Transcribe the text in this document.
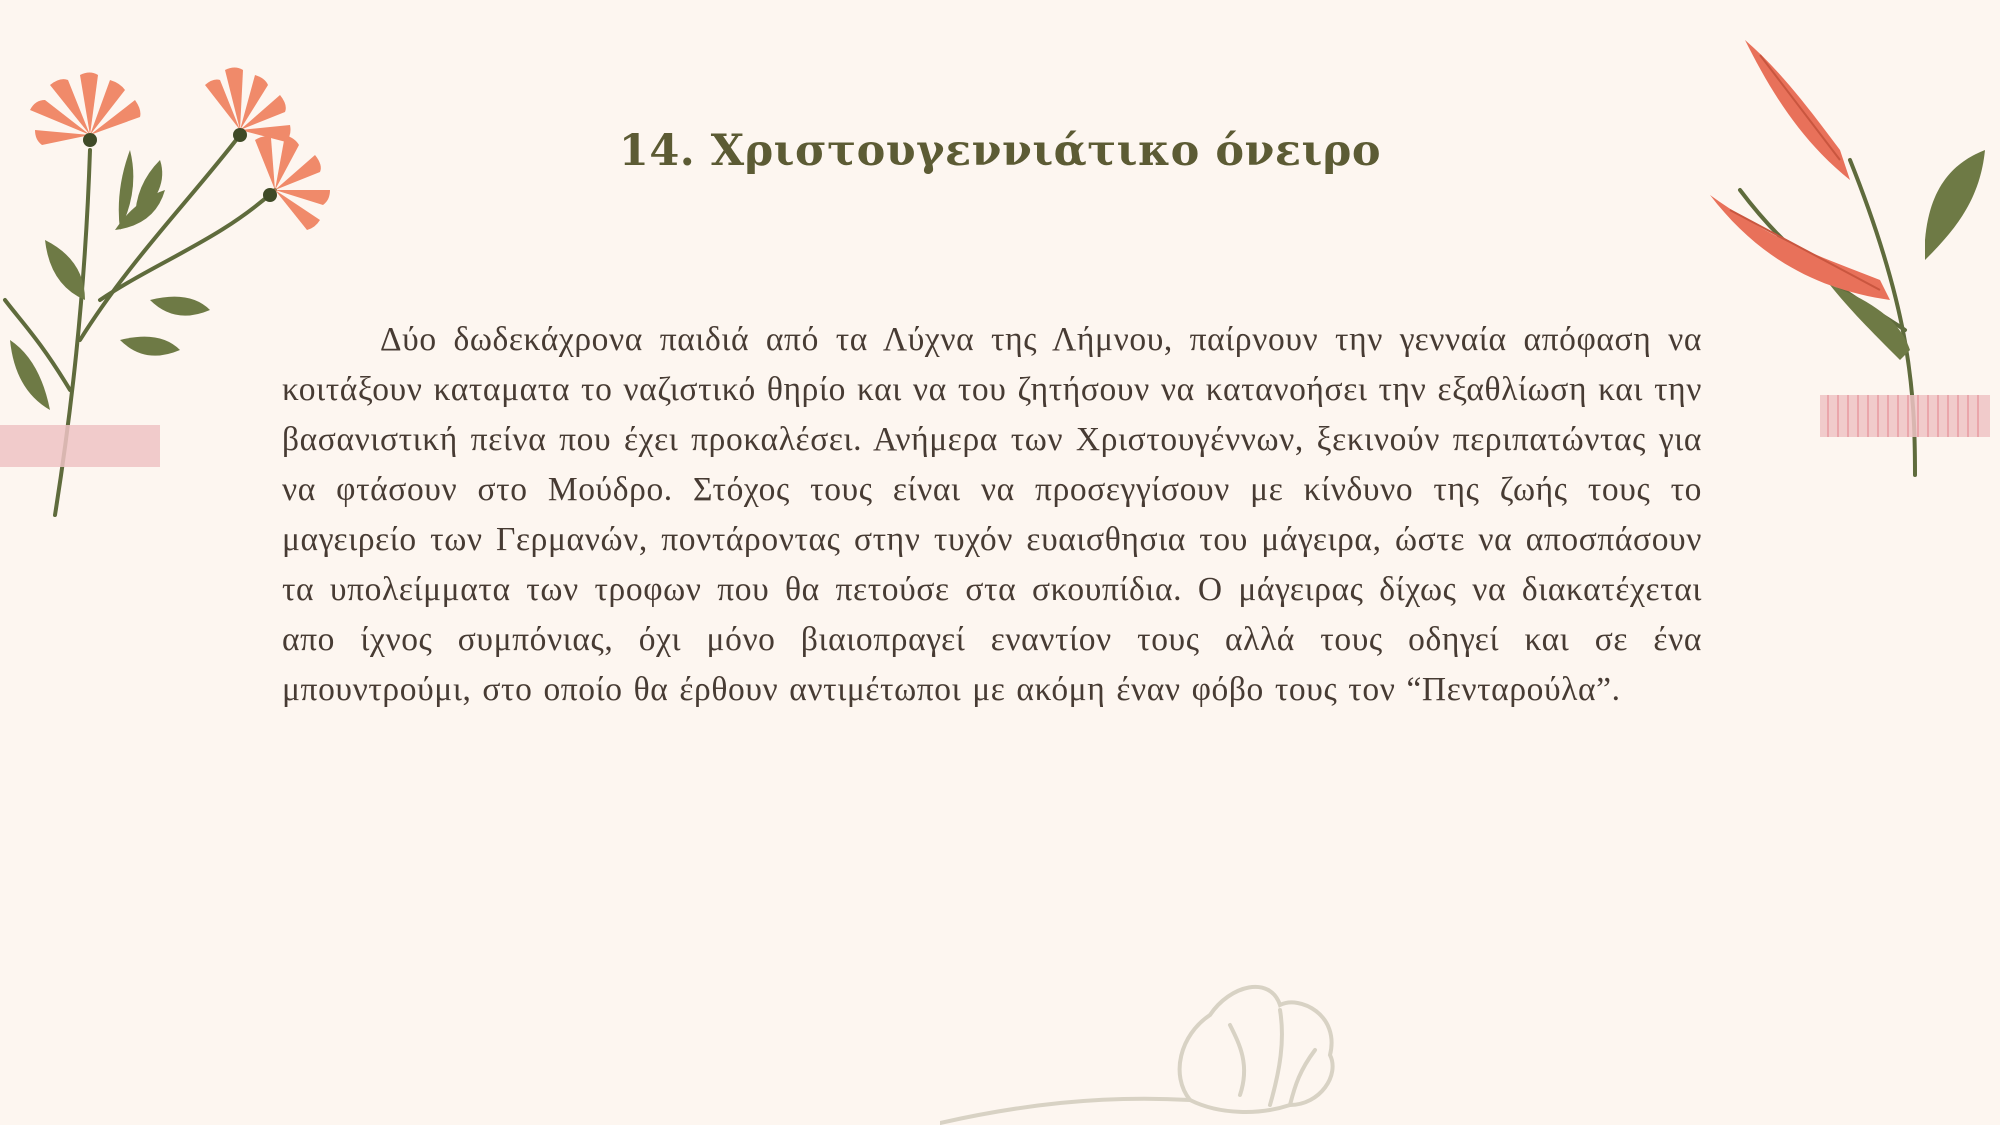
14. Χριστουγεννιάτικο όνειρο

Δύο δωδεκάχρονα παιδιά από τα Λύχνα της Λήμνου, παίρνουν την γενναία απόφαση να κοιτάξουν καταματα το ναζιστικό θηρίο και να του ζητήσουν να κατανοήσει την εξαθλίωση και την βασανιστική πείνα που έχει προκαλέσει. Ανήμερα των Χριστουγέννων, ξεκινούν περιπατώντας για να φτάσουν στο Μούδρο. Στόχος τους είναι να προσεγγίσουν με κίνδυνο της ζωής τους το μαγειρείο των Γερμανών, ποντάροντας στην τυχόν ευαισθησια του μάγειρα, ώστε να αποσπάσουν τα υπολείμματα των τροφων που θα πετούσε στα σκουπίδια. Ο μάγειρας δίχως να διακατέχεται απο ίχνος συμπόνιας, όχι μόνο βιαιοπραγεί εναντίον τους αλλά τους οδηγεί και σε ένα μπουντρούμι, στο οποίο θα έρθουν αντιμέτωποι με ακόμη έναν φόβο τους τον “Πενταρούλα”.
